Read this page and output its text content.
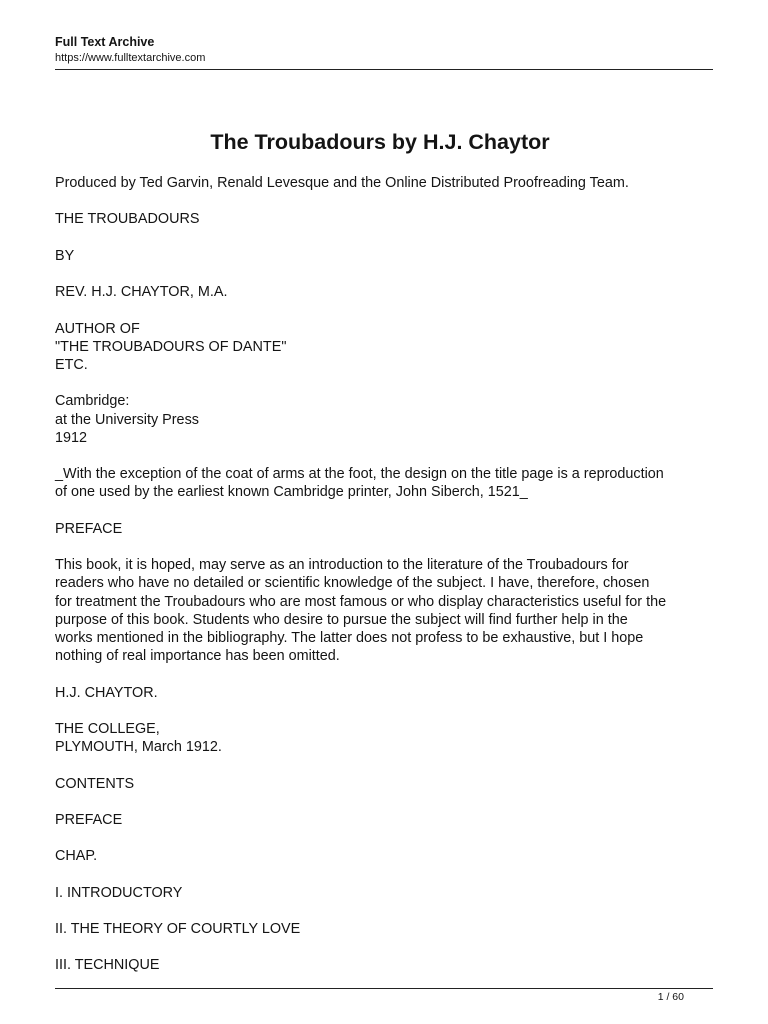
Full Text Archive
https://www.fulltextarchive.com
The Troubadours by H.J. Chaytor

Produced by Ted Garvin, Renald Levesque and the Online Distributed Proofreading Team.

THE TROUBADOURS

BY

REV. H.J. CHAYTOR, M.A.

AUTHOR OF
"THE TROUBADOURS OF DANTE"
ETC.

Cambridge:
at the University Press
1912

_With the exception of the coat of arms at the foot, the design on the title page is a reproduction
of one used by the earliest known Cambridge printer, John Siberch, 1521_

PREFACE

This book, it is hoped, may serve as an introduction to the literature of the Troubadours for
readers who have no detailed or scientific knowledge of the subject. I have, therefore, chosen
for treatment the Troubadours who are most famous or who display characteristics useful for the
purpose of this book. Students who desire to pursue the subject will find further help in the
works mentioned in the bibliography. The latter does not profess to be exhaustive, but I hope
nothing of real importance has been omitted.

H.J. CHAYTOR.

THE COLLEGE,
PLYMOUTH, March 1912.

CONTENTS

PREFACE

CHAP.

I. INTRODUCTORY

II. THE THEORY OF COURTLY LOVE

III. TECHNIQUE

1 / 60
